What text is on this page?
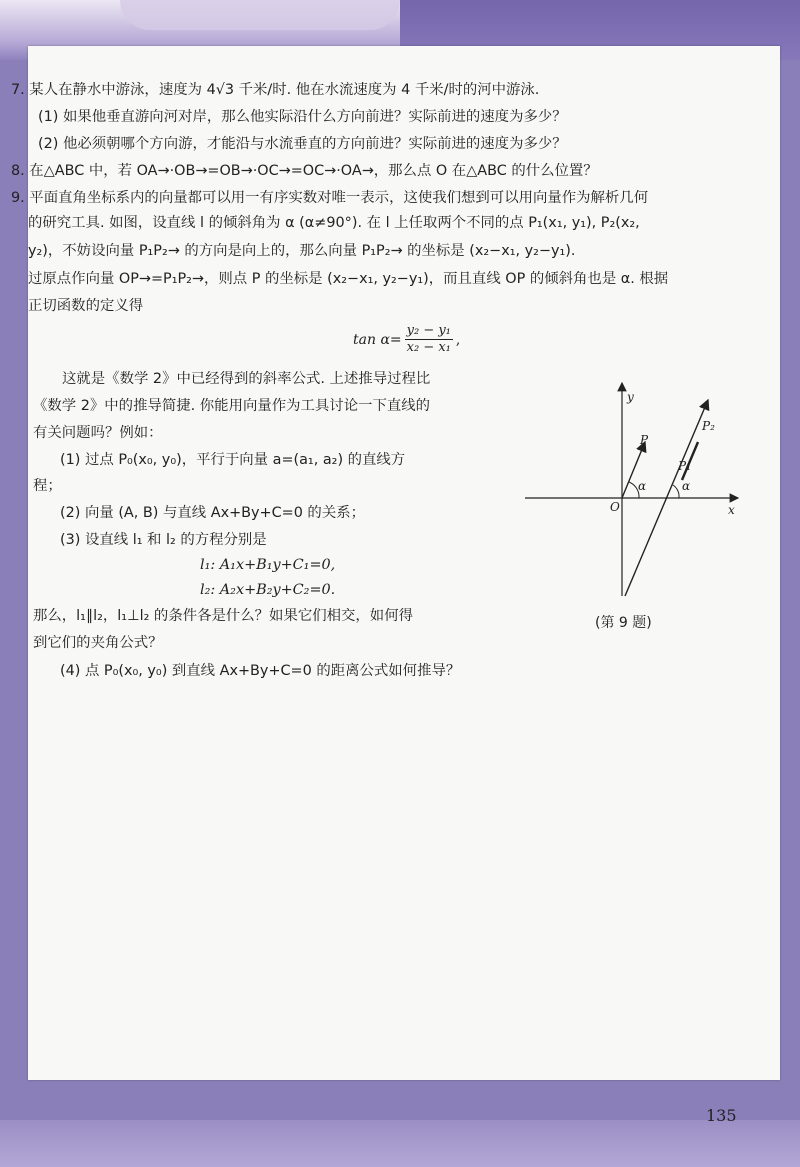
7. 某人在静水中游泳，速度为 4√3 千米/时. 他在水流速度为 4 千米/时的河中游泳.
(1) 如果他垂直游向河对岸，那么他实际沿什么方向前进？实际前进的速度为多少？
(2) 他必须朝哪个方向游，才能沿与水流垂直的方向前进？实际前进的速度为多少？
8. 在△ABC 中，若 OA→·OB→=OB→·OC→=OC→·OA→，那么点 O 在△ABC 的什么位置？
9. 平面直角坐标系内的向量都可以用一有序实数对唯一表示，这使我们想到可以用向量作为解析几何
的研究工具. 如图，设直线 l 的倾斜角为 α (α≠90°). 在 l 上任取两个不同的点 P₁(x₁, y₁), P₂(x₂,
y₂)，不妨设向量 P₁P₂→ 的方向是向上的，那么向量 P₁P₂→ 的坐标是 (x₂−x₁, y₂−y₁).
过原点作向量 OP→=P₁P₂→，则点 P 的坐标是 (x₂−x₁, y₂−y₁)，而且直线 OP 的倾斜角也是 α. 根据
正切函数的定义得
这就是《数学 2》中已经得到的斜率公式. 上述推导过程比
《数学 2》中的推导简捷. 你能用向量作为工具讨论一下直线的
有关问题吗？例如：
(1) 过点 P₀(x₀, y₀)，平行于向量 a=(a₁, a₂) 的直线方
程；
(2) 向量 (A, B) 与直线 Ax+By+C=0 的关系；
(3) 设直线 l₁ 和 l₂ 的方程分别是
l₁: A₁x+B₁y+C₁=0,
l₂: A₂x+B₂y+C₂=0.
那么，l₁∥l₂，l₁⊥l₂ 的条件各是什么？如果它们相交，如何得
到它们的夹角公式？
(4) 点 P₀(x₀, y₀) 到直线 Ax+By+C=0 的距离公式如何推导？
$\tan \alpha= \frac{\text{y₂ − y₁}}{\text{x₂ − x₁}}$ ,
y
x
O
P
P₁
P₂
α	α
(第 9 题)
135
